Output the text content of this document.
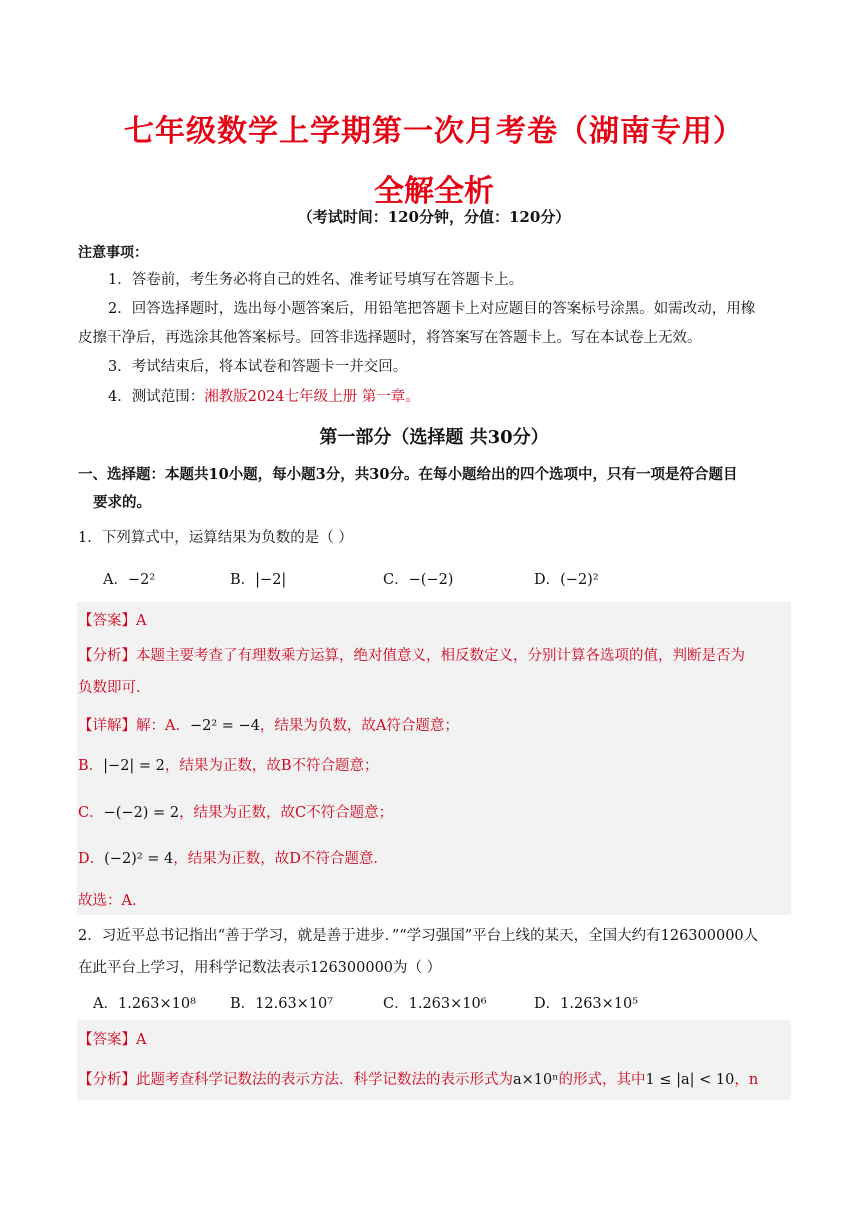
七年级数学上学期第一次月考卷（湖南专用）
全解全析
（考试时间：120分钟，分值：120分）
注意事项：
1．答卷前，考生务必将自己的姓名、准考证号填写在答题卡上。
2．回答选择题时，选出每小题答案后，用铅笔把答题卡上对应题目的答案标号涂黑。如需改动，用橡
皮擦干净后，再选涂其他答案标号。回答非选择题时，将答案写在答题卡上。写在本试卷上无效。
3．考试结束后，将本试卷和答题卡一并交回。
4．测试范围：湘教版2024七年级上册 第一章。
第一部分（选择题 共30分）
一、选择题：本题共10小题，每小题3分，共30分。在每小题给出的四个选项中，只有一项是符合题目
要求的。
1．下列算式中，运算结果为负数的是（ ）
A．−2²	B．|−2|	C．−(−2)	D．(−2)²
【答案】A
【分析】本题主要考查了有理数乘方运算，绝对值意义，相反数定义，分别计算各选项的值，判断是否为
负数即可．
【详解】解：A．−2² = −4，结果为负数，故A符合题意；
B．|−2| = 2，结果为正数，故B不符合题意；
C．−(−2) = 2，结果为正数，故C不符合题意；
D．(−2)² = 4，结果为正数，故D不符合题意．
故选：A．
2．习近平总书记指出“善于学习，就是善于进步．”“学习强国”平台上线的某天，全国大约有126300000人
在此平台上学习，用科学记数法表示126300000为（ ）
A．1.263×10⁸ B．12.63×10⁷	C．1.263×10⁶	D．1.263×10⁵
【答案】A
【分析】此题考查科学记数法的表示方法．科学记数法的表示形式为a×10ⁿ的形式，其中1 ≤ |a| < 10，n
